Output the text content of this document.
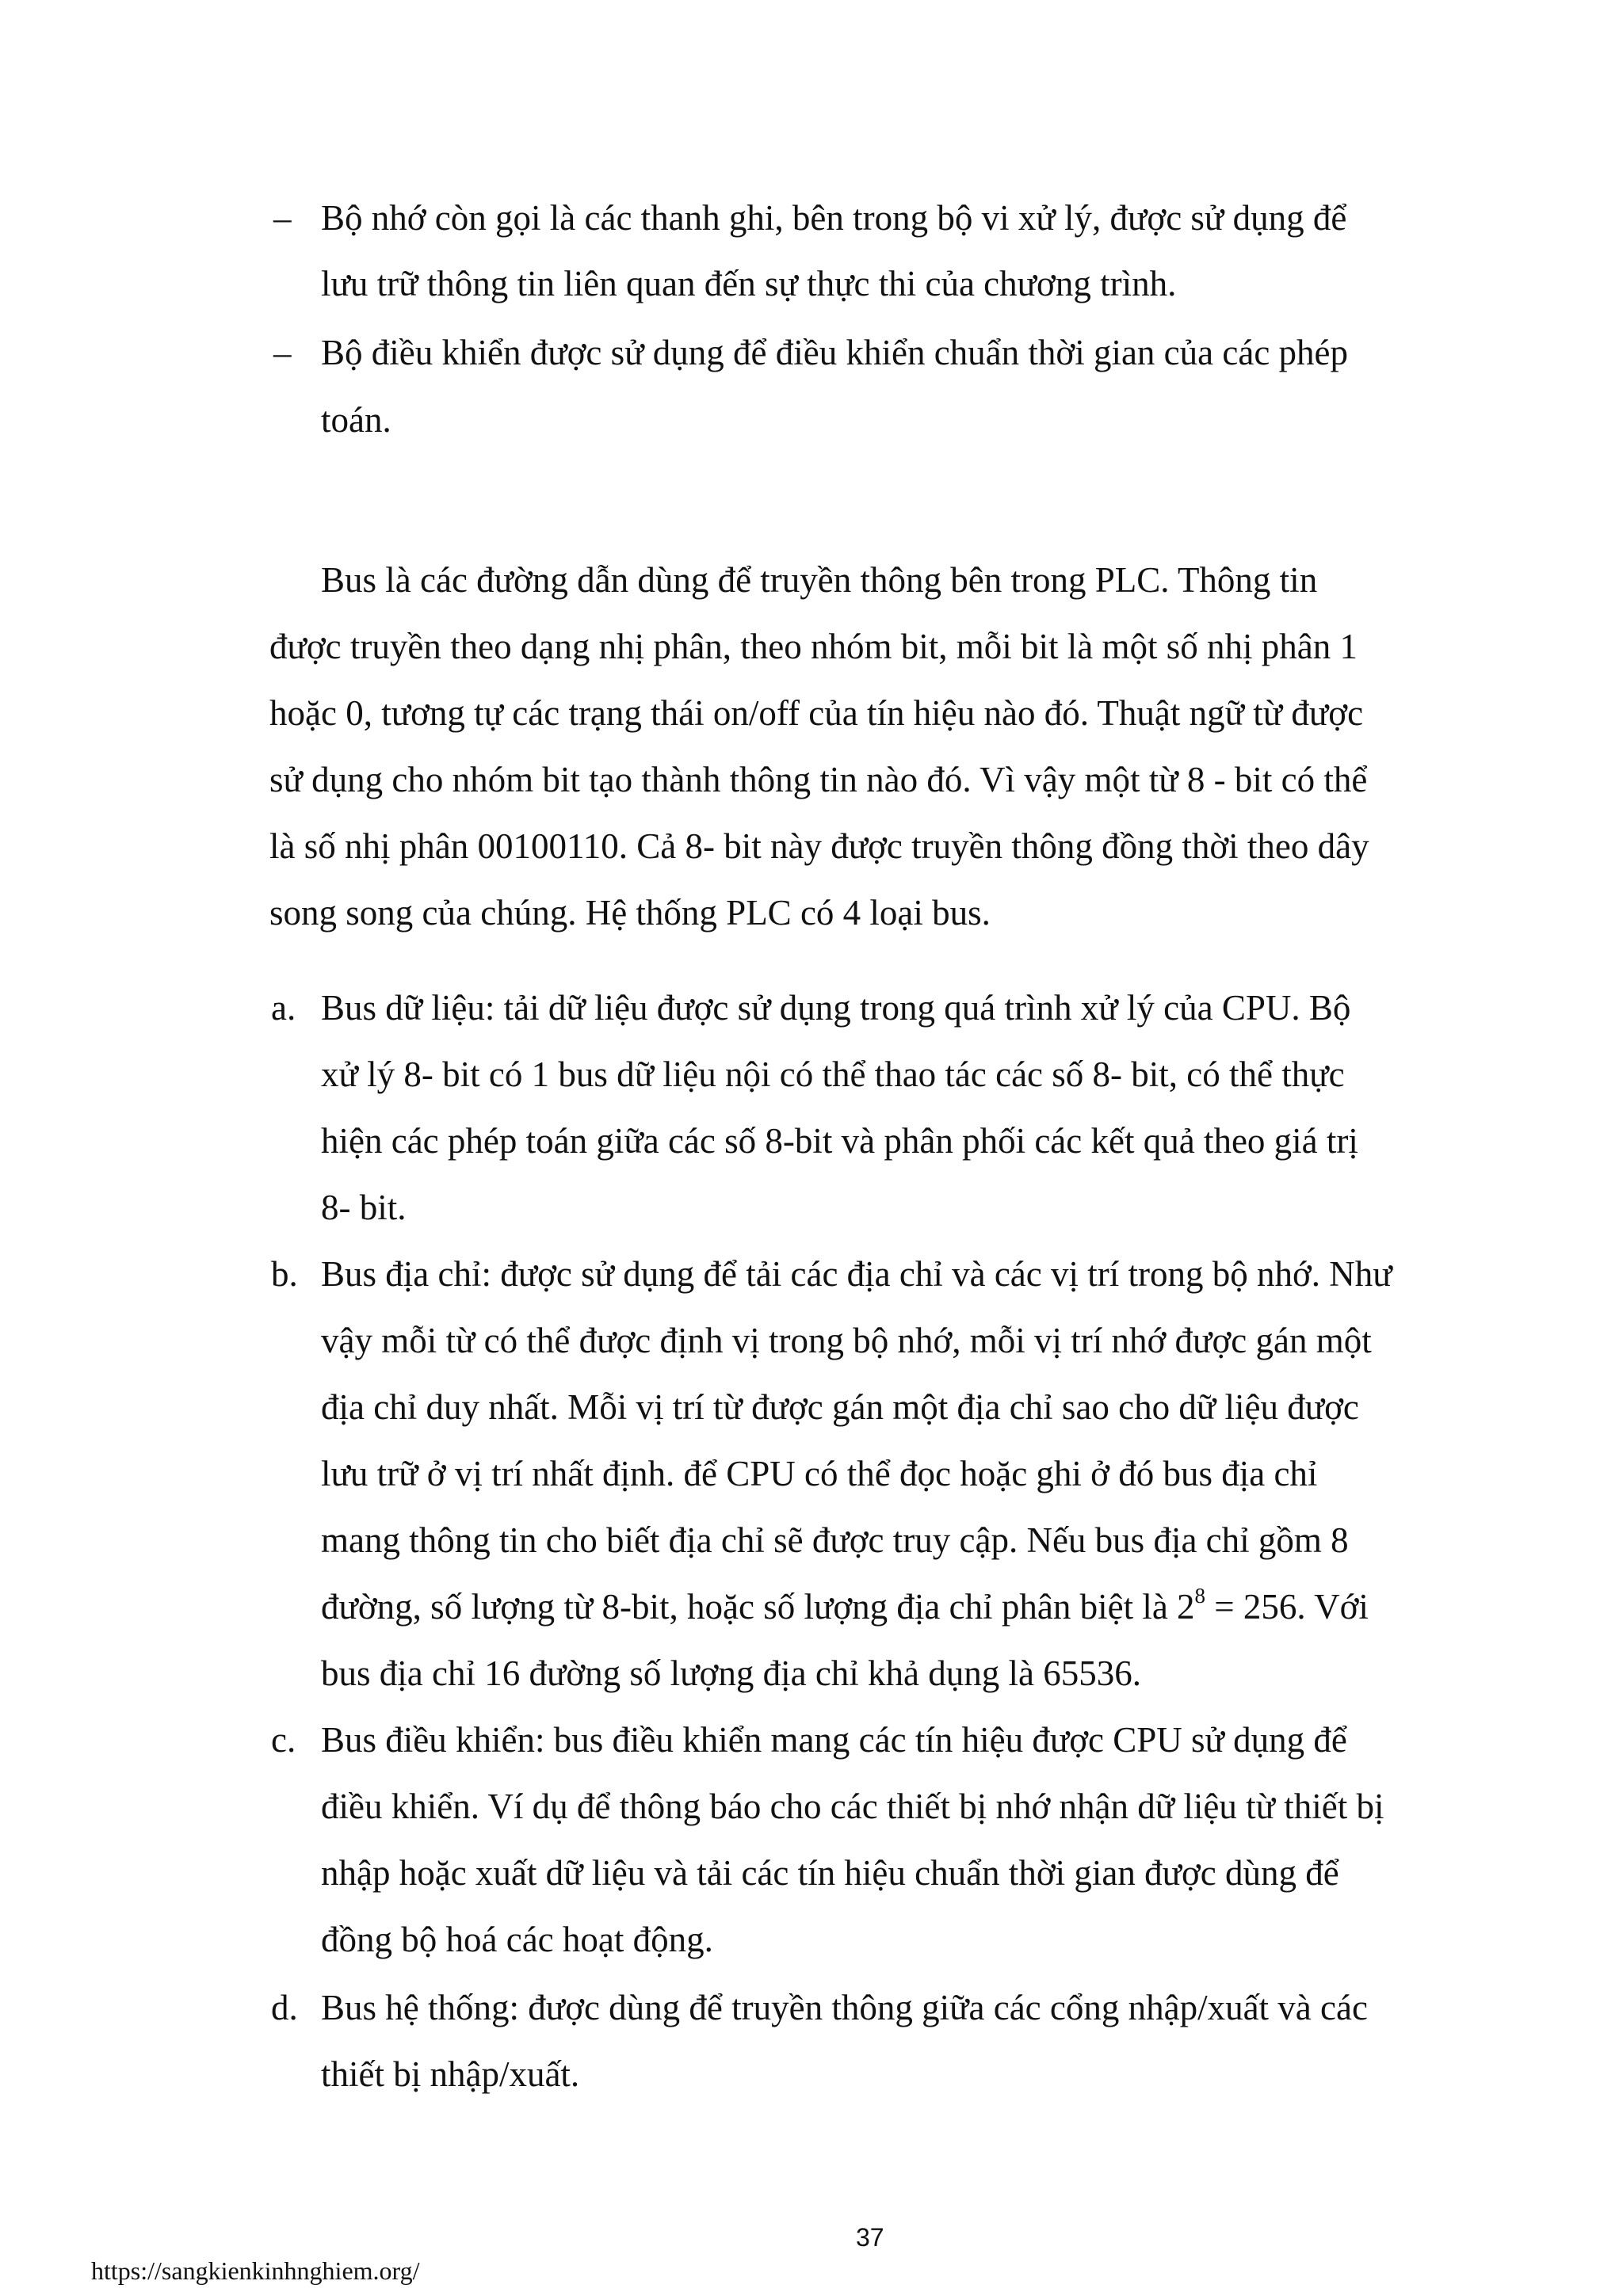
– Bộ nhớ còn gọi là các thanh ghi, bên trong bộ vi xử lý, được sử dụng để
lưu trữ thông tin liên quan đến sự thực thi của chương trình.
– Bộ điều khiển được sử dụng để điều khiển chuẩn thời gian của các phép
toán.
Bus là các đường dẫn dùng để truyền thông bên trong PLC. Thông tin
được truyền theo dạng nhị phân, theo nhóm bit, mỗi bit là một số nhị phân 1
hoặc 0, tương tự các trạng thái on/off của tín hiệu nào đó. Thuật ngữ từ được
sử dụng cho nhóm bit tạo thành thông tin nào đó. Vì vậy một từ 8 - bit có thể
là số nhị phân 00100110. Cả 8- bit này được truyền thông đồng thời theo dây
song song của chúng. Hệ thống PLC có 4 loại bus.
a. Bus dữ liệu: tải dữ liệu được sử dụng trong quá trình xử lý của CPU. Bộ
xử lý 8- bit có 1 bus dữ liệu nội có thể thao tác các số 8- bit, có thể thực
hiện các phép toán giữa các số 8-bit và phân phối các kết quả theo giá trị
8- bit.
b. Bus địa chỉ: được sử dụng để tải các địa chỉ và các vị trí trong bộ nhớ. Như
vậy mỗi từ có thể được định vị trong bộ nhớ, mỗi vị trí nhớ được gán một
địa chỉ duy nhất. Mỗi vị trí từ được gán một địa chỉ sao cho dữ liệu được
lưu trữ ở vị trí nhất định. để CPU có thể đọc hoặc ghi ở đó bus địa chỉ
mang thông tin cho biết địa chỉ sẽ được truy cập. Nếu bus địa chỉ gồm 8
đường, số lượng từ 8-bit, hoặc số lượng địa chỉ phân biệt là $2^8 = 256$. Với
bus địa chỉ 16 đường số lượng địa chỉ khả dụng là 65536.
c. Bus điều khiển: bus điều khiển mang các tín hiệu được CPU sử dụng để
điều khiển. Ví dụ để thông báo cho các thiết bị nhớ nhận dữ liệu từ thiết bị
nhập hoặc xuất dữ liệu và tải các tín hiệu chuẩn thời gian được dùng để
đồng bộ hoá các hoạt động.
d. Bus hệ thống: được dùng để truyền thông giữa các cổng nhập/xuất và các
thiết bị nhập/xuất.
37
https://sangkienkinhnghiem.org/
